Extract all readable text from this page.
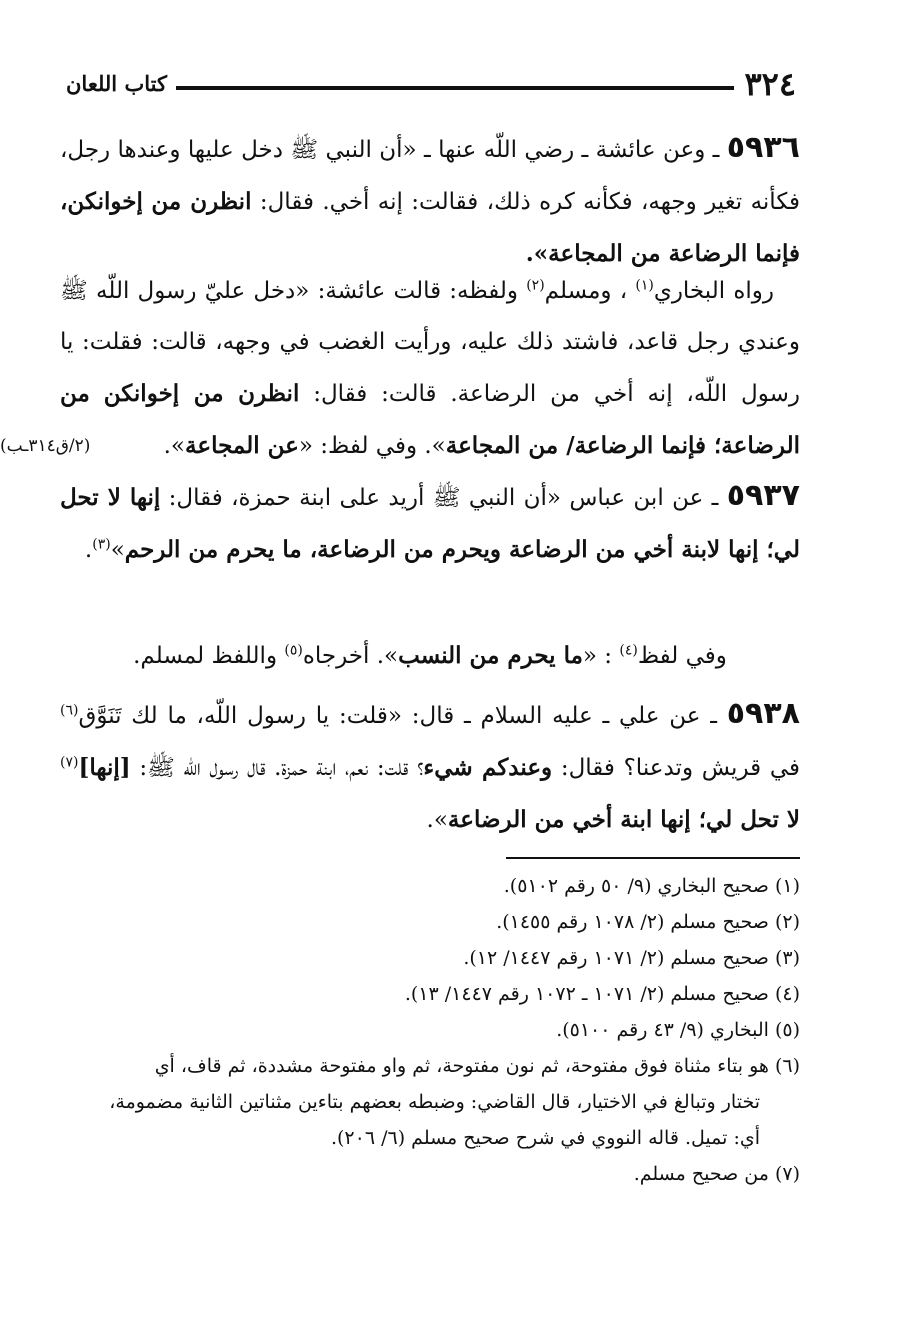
٣٢٤
كتاب اللعان
٥٩٣٦ ـ وعن عائشة ـ رضي اللّه عنها ـ «أن النبي ﷺ دخل عليها وعندها رجل، فكأنه تغير وجهه، فكأنه كره ذلك، فقالت: إنه أخي. فقال: انظرن من إخوانكن، فإنما الرضاعة من المجاعة».
رواه البخاري$^{(١)}$ ، ومسلم$^{(٢)}$ ولفظه: قالت عائشة: «دخل عليّ رسول اللّه ﷺ وعندي رجل قاعد، فاشتد ذلك عليه، ورأيت الغضب في وجهه، قالت: فقلت: يا رسول اللّه، إنه أخي من الرضاعة. قالت: فقال: انظرن من إخوانكن من الرضاعة؛ فإنما الرضاعة/ من المجاعة». وفي لفظ: «عن المجاعة».
(٢/ق٣١٤ـب)
٥٩٣٧ ـ عن ابن عباس «أن النبي ﷺ أريد على ابنة حمزة، فقال: إنها لا تحل لي؛ إنها لابنة أخي من الرضاعة ويحرم من الرضاعة، ما يحرم من الرحم»$^{(٣)}$.
وفي لفظ$^{(٤)}$ : «ما يحرم من النسب». أخرجاه$^{(٥)}$ واللفظ لمسلم.
٥٩٣٨ ـ عن علي ـ عليه السلام ـ قال: «قلت: يا رسول اللّه، ما لك تَنَوَّق$^{(٦)}$ في قريش وتدعنا؟ فقال: وعندكم شيء؟ قلت: نعم، ابنة حمزة. قال رسول اللّه ﷺ: [إنها]$^{(٧)}$ لا تحل لي؛ إنها ابنة أخي من الرضاعة».

(١) صحيح البخاري (٩/ ٥٠ رقم ٥١٠٢).

(٢) صحيح مسلم (٢/ ١٠٧٨ رقم ١٤٥٥).

(٣) صحيح مسلم (٢/ ١٠٧١ رقم ١٤٤٧/ ١٢).

(٤) صحيح مسلم (٢/ ١٠٧١ ـ ١٠٧٢ رقم ١٤٤٧/ ١٣).

(٥) البخاري (٩/ ٤٣ رقم ٥١٠٠).

(٦) هو بتاء مثناة فوق مفتوحة، ثم نون مفتوحة، ثم واو مفتوحة مشددة، ثم قاف، أي

تختار وتبالغ في الاختيار، قال القاضي: وضبطه بعضهم بتاءين مثناتين الثانية مضمومة،

أي: تميل. قاله النووي في شرح صحيح مسلم (٦/ ٢٠٦).

(٧) من صحيح مسلم.
